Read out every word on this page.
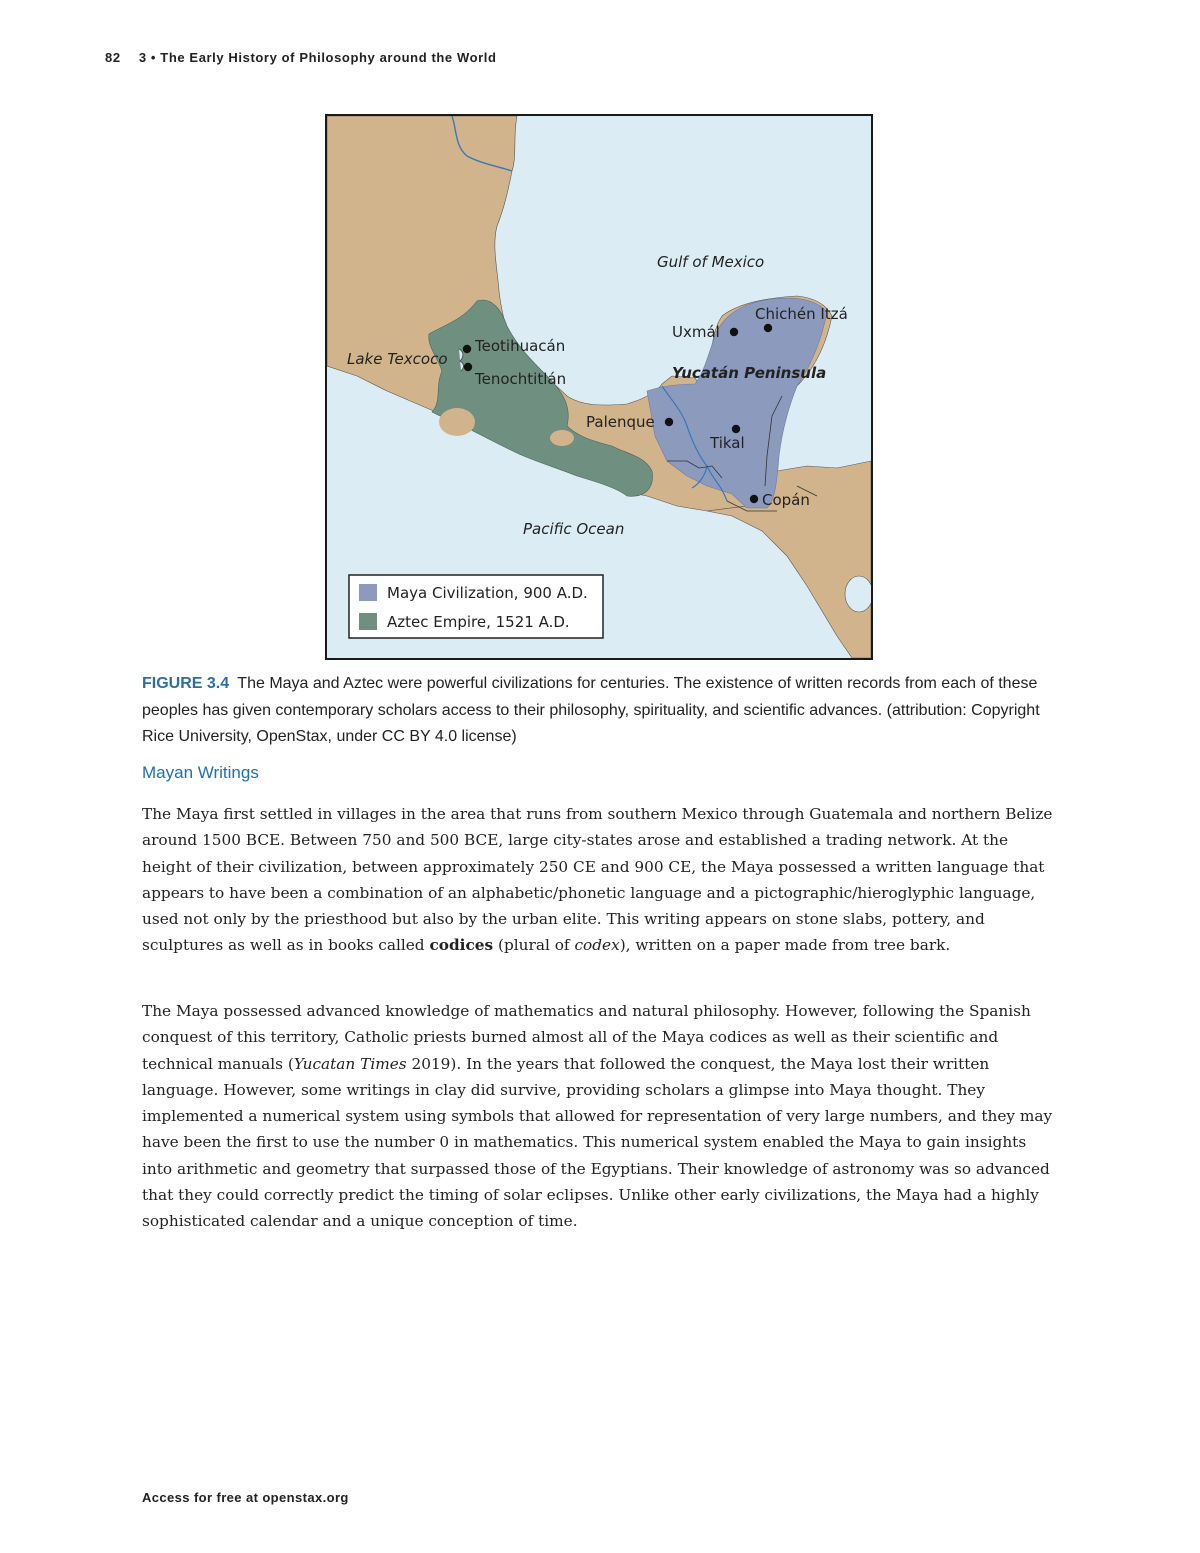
82 3 • The Early History of Philosophy around the World
Gulf of Mexico
Pacific Ocean
Lake Texcoco
Yucatán Peninsula
Teotihuacán
Tenochtitlán
Uxmál
Chichén Itzá
Palenque
Tikal
Copán
Maya Civilization, 900 A.D.
Aztec Empire, 1521 A.D.
FIGURE 3.4 The Maya and Aztec were powerful civilizations for centuries. The existence of written records from each of these peoples has given contemporary scholars access to their philosophy, spirituality, and scientific advances. (attribution: Copyright Rice University, OpenStax, under CC BY 4.0 license)
Mayan Writings

The Maya first settled in villages in the area that runs from southern Mexico through Guatemala and northern Belize around 1500 BCE. Between 750 and 500 BCE, large city-states arose and established a trading network. At the height of their civilization, between approximately 250 CE and 900 CE, the Maya possessed a written language that appears to have been a combination of an alphabetic/phonetic language and a pictographic/hieroglyphic language, used not only by the priesthood but also by the urban elite. This writing appears on stone slabs, pottery, and sculptures as well as in books called codices (plural of codex), written on a paper made from tree bark.

The Maya possessed advanced knowledge of mathematics and natural philosophy. However, following the Spanish conquest of this territory, Catholic priests burned almost all of the Maya codices as well as their scientific and technical manuals (Yucatan Times 2019). In the years that followed the conquest, the Maya lost their written language. However, some writings in clay did survive, providing scholars a glimpse into Maya thought. They implemented a numerical system using symbols that allowed for representation of very large numbers, and they may have been the first to use the number 0 in mathematics. This numerical system enabled the Maya to gain insights into arithmetic and geometry that surpassed those of the Egyptians. Their knowledge of astronomy was so advanced that they could correctly predict the timing of solar eclipses. Unlike other early civilizations, the Maya had a highly sophisticated calendar and a unique conception of time.

Access for free at openstax.org
